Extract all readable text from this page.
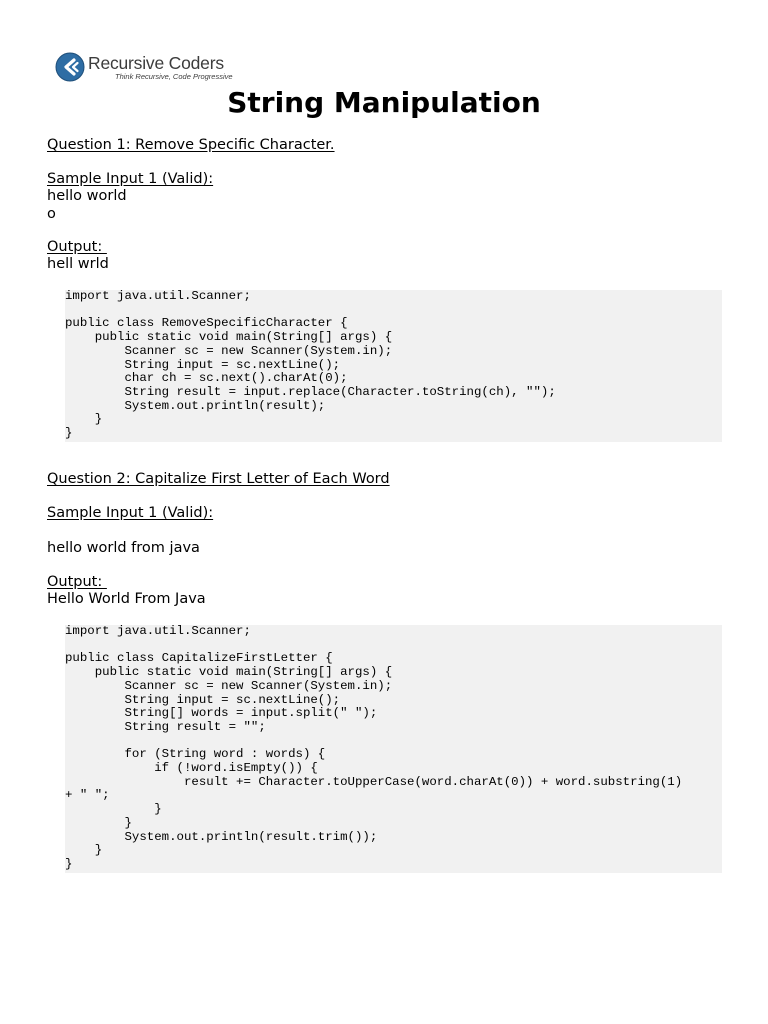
Recursive Coders
Think Recursive, Code Progressive
String Manipulation
Question 1: Remove Specific Character.
Sample Input 1 (Valid):
hello world
o
Output:
hell wrld
import java.util.Scanner;

public class RemoveSpecificCharacter {
public static void main(String[] args) {
Scanner sc = new Scanner(System.in);
String input = sc.nextLine();
char ch = sc.next().charAt(0);
String result = input.replace(Character.toString(ch), "");
System.out.println(result);
}
}
Question 2: Capitalize First Letter of Each Word
Sample Input 1 (Valid):
hello world from java
Output:
Hello World From Java
import java.util.Scanner;

public class CapitalizeFirstLetter {
public static void main(String[] args) {
Scanner sc = new Scanner(System.in);
String input = sc.nextLine();
String[] words = input.split(" ");
String result = "";

for (String word : words) {
if (!word.isEmpty()) {
result += Character.toUpperCase(word.charAt(0)) + word.substring(1)
+ " ";
}
}
System.out.println(result.trim());
}
}
